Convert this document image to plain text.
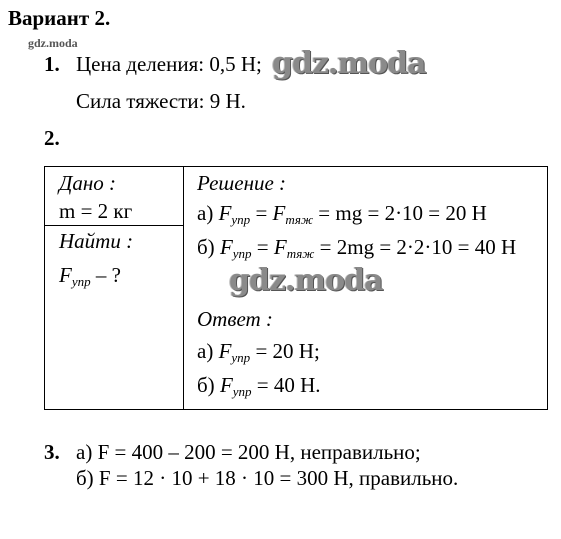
Вариант 2.
gdz.moda
1. Цена деления: 0,5 Н; gdz.moda
Сила тяжести: 9 Н.
2.
Дано :
m = 2 кг
Найти :
$F_{упр}$ – ?
Решение :
а) $F_{упр} = F_{тяж}$ = mg = 2·10 = 20 Н
б) $F_{упр} = F_{тяж} = 2mg = 2\cdot 2\cdot 10 = 40$ Н
gdz.moda
Ответ :
а) $F_{упр} = 20$ Н;
б) $F_{упр} = 40$ Н.
3. а) F = 400 – 200 = 200 Н, неправильно;
б) F = 12 · 10 + 18 · 10 = 300 Н, правильно.
